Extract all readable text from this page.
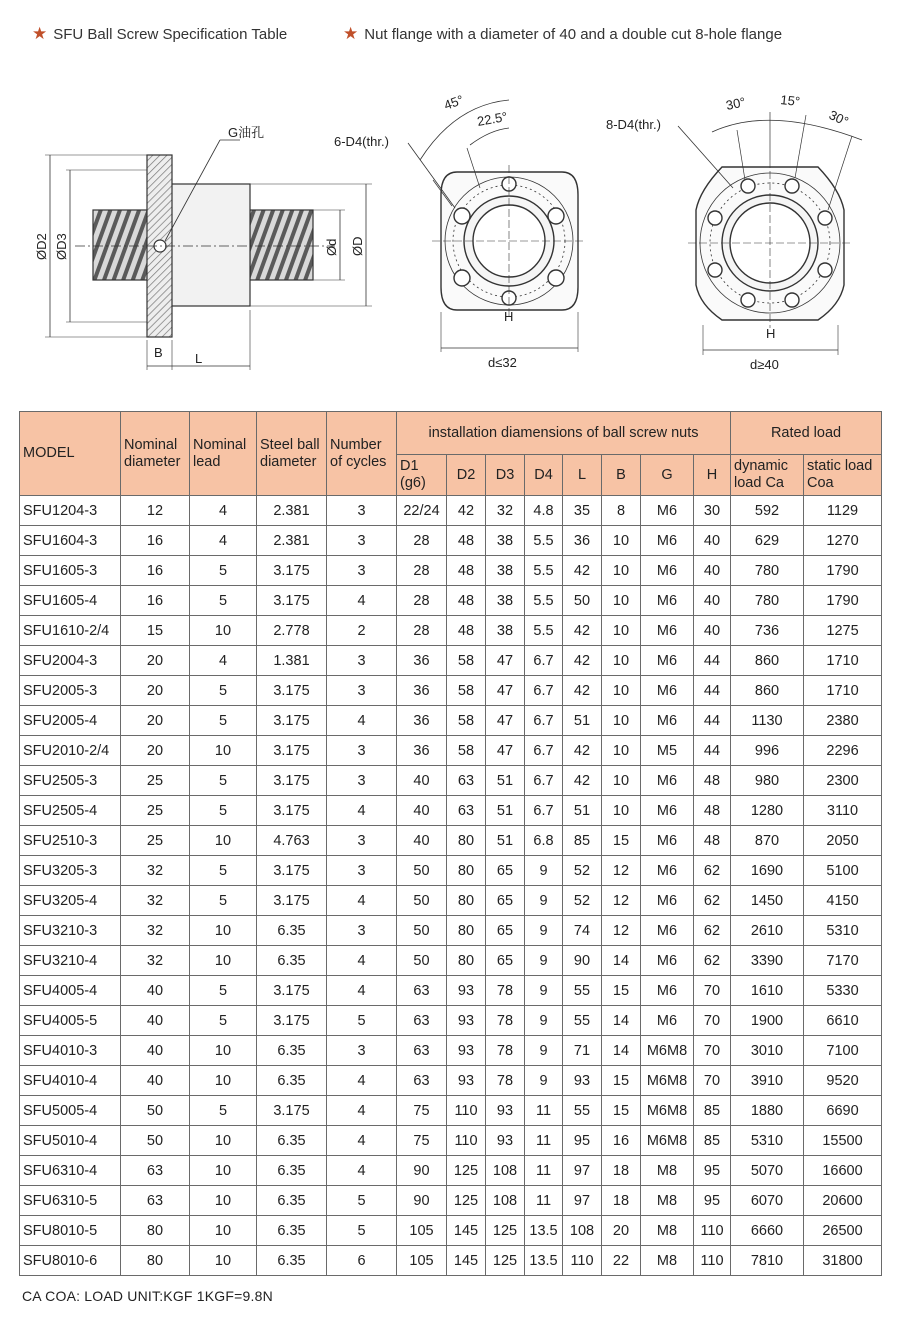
★ SFU Ball Screw Specification Table	★ Nut flange with a diameter of 40 and a double cut 8-hole flange
G油孔
ØD2 ØD3	Ød ØD
B L
6-D4(thr.)
45°
22.5°
H
d≤32
8-D4(thr.)
30°	15°
30°
H
d≥40
MODEL	Nominal diameter	Nominal lead	Steel ball diameter	Number of cycles	installation diamensions of ball screw nuts								Rated load	
					D1 (g6)	D2	D3	D4	L	B	G	H	dynamic load Ca	static load Coa
SFU1204-3	12	4	2.381	3	22/24	42	32	4.8	35	8	M6	30	592	1129
SFU1604-3	16	4	2.381	3	28	48	38	5.5	36	10	M6	40	629	1270
SFU1605-3	16	5	3.175	3	28	48	38	5.5	42	10	M6	40	780	1790
SFU1605-4	16	5	3.175	4	28	48	38	5.5	50	10	M6	40	780	1790
SFU1610-2/4	15	10	2.778	2	28	48	38	5.5	42	10	M6	40	736	1275
SFU2004-3	20	4	1.381	3	36	58	47	6.7	42	10	M6	44	860	1710
SFU2005-3	20	5	3.175	3	36	58	47	6.7	42	10	M6	44	860	1710
SFU2005-4	20	5	3.175	4	36	58	47	6.7	51	10	M6	44	1130	2380
SFU2010-2/4	20	10	3.175	3	36	58	47	6.7	42	10	M5	44	996	2296
SFU2505-3	25	5	3.175	3	40	63	51	6.7	42	10	M6	48	980	2300
SFU2505-4	25	5	3.175	4	40	63	51	6.7	51	10	M6	48	1280	3110
SFU2510-3	25	10	4.763	3	40	80	51	6.8	85	15	M6	48	870	2050
SFU3205-3	32	5	3.175	3	50	80	65	9	52	12	M6	62	1690	5100
SFU3205-4	32	5	3.175	4	50	80	65	9	52	12	M6	62	1450	4150
SFU3210-3	32	10	6.35	3	50	80	65	9	74	12	M6	62	2610	5310
SFU3210-4	32	10	6.35	4	50	80	65	9	90	14	M6	62	3390	7170
SFU4005-4	40	5	3.175	4	63	93	78	9	55	15	M6	70	1610	5330
SFU4005-5	40	5	3.175	5	63	93	78	9	55	14	M6	70	1900	6610
SFU4010-3	40	10	6.35	3	63	93	78	9	71	14	M6M8	70	3010	7100
SFU4010-4	40	10	6.35	4	63	93	78	9	93	15	M6M8	70	3910	9520
SFU5005-4	50	5	3.175	4	75	110	93	11	55	15	M6M8	85	1880	6690
SFU5010-4	50	10	6.35	4	75	110	93	11	95	16	M6M8	85	5310	15500
SFU6310-4	63	10	6.35	4	90	125	108	11	97	18	M8	95	5070	16600
SFU6310-5	63	10	6.35	5	90	125	108	11	97	18	M8	95	6070	20600
SFU8010-5	80	10	6.35	5	105	145	125	13.5	108	20	M8	110	6660	26500
SFU8010-6	80	10	6.35	6	105	145	125	13.5	110	22	M8	110	7810	31800
CA COA: LOAD UNIT:KGF 1KGF=9.8N
